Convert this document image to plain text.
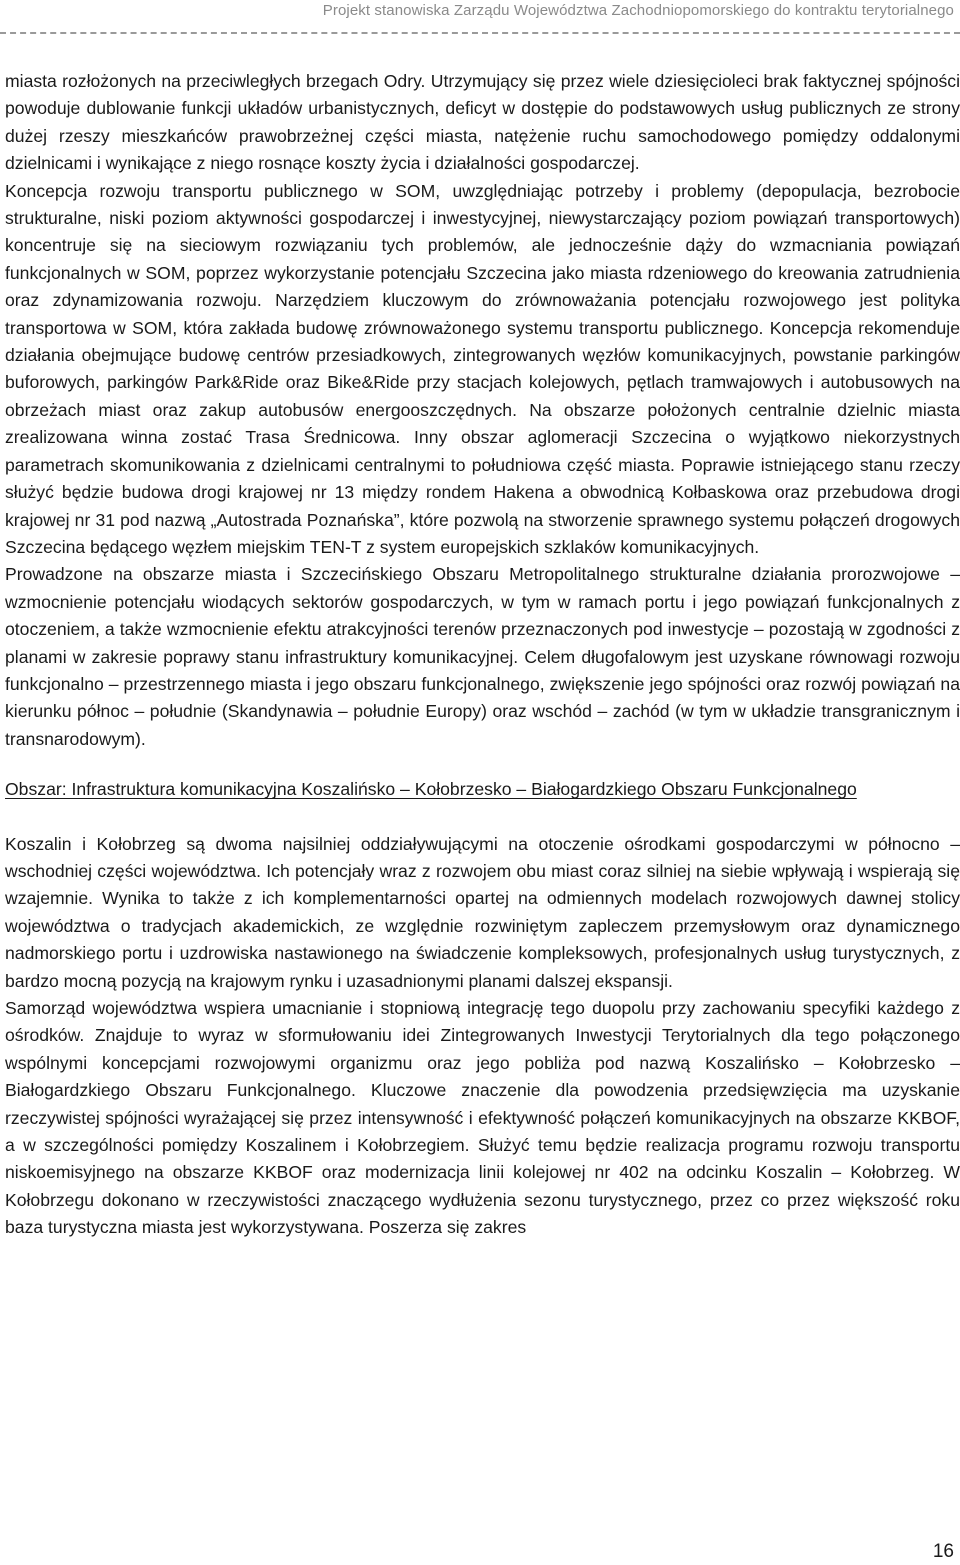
Projekt stanowiska Zarządu Województwa Zachodniopomorskiego do kontraktu terytorialnego

miasta rozłożonych na przeciwległych brzegach Odry. Utrzymujący się przez wiele dziesięcioleci brak faktycznej spójności powoduje dublowanie funkcji układów urbanistycznych, deficyt w dostępie do podstawowych usług publicznych ze strony dużej rzeszy mieszkańców prawobrzeżnej części miasta, natężenie ruchu samochodowego pomiędzy oddalonymi dzielnicami i wynikające z niego rosnące koszty życia i działalności gospodarczej.

Koncepcja rozwoju transportu publicznego w SOM, uwzględniając potrzeby i problemy (depopulacja, bezrobocie strukturalne, niski poziom aktywności gospodarczej i inwestycyjnej, niewystarczający poziom powiązań transportowych) koncentruje się na sieciowym rozwiązaniu tych problemów, ale jednocześnie dąży do wzmacniania powiązań funkcjonalnych w SOM, poprzez wykorzystanie potencjału Szczecina jako miasta rdzeniowego do kreowania zatrudnienia oraz zdynamizowania rozwoju. Narzędziem kluczowym do zrównoważania potencjału rozwojowego jest polityka transportowa w SOM, która zakłada budowę zrównoważonego systemu transportu publicznego. Koncepcja rekomenduje działania obejmujące budowę centrów przesiadkowych, zintegrowanych węzłów komunikacyjnych, powstanie parkingów buforowych, parkingów Park&Ride oraz Bike&Ride przy stacjach kolejowych, pętlach tramwajowych i autobusowych na obrzeżach miast oraz zakup autobusów energooszczędnych. Na obszarze położonych centralnie dzielnic miasta zrealizowana winna zostać Trasa Średnicowa. Inny obszar aglomeracji Szczecina o wyjątkowo niekorzystnych parametrach skomunikowania z dzielnicami centralnymi to południowa część miasta. Poprawie istniejącego stanu rzeczy służyć będzie budowa drogi krajowej nr 13 między rondem Hakena a obwodnicą Kołbaskowa oraz przebudowa drogi krajowej nr 31 pod nazwą „Autostrada Poznańska”, które pozwolą na stworzenie sprawnego systemu połączeń drogowych Szczecina będącego węzłem miejskim TEN-T z system europejskich szklaków komunikacyjnych.

Prowadzone na obszarze miasta i Szczecińskiego Obszaru Metropolitalnego strukturalne działania prorozwojowe – wzmocnienie potencjału wiodących sektorów gospodarczych, w tym w ramach portu i jego powiązań funkcjonalnych z otoczeniem, a także wzmocnienie efektu atrakcyjności terenów przeznaczonych pod inwestycje – pozostają w zgodności z planami w zakresie poprawy stanu infrastruktury komunikacyjnej. Celem długofalowym jest uzyskane równowagi rozwoju funkcjonalno – przestrzennego miasta i jego obszaru funkcjonalnego, zwiększenie jego spójności oraz rozwój powiązań na kierunku północ – południe (Skandynawia – południe Europy) oraz wschód – zachód (w tym w układzie transgranicznym i transnarodowym).

Obszar: Infrastruktura komunikacyjna Koszalińsko – Kołobrzesko – Białogardzkiego Obszaru Funkcjonalnego

Koszalin i Kołobrzeg są dwoma najsilniej oddziaływującymi na otoczenie ośrodkami gospodarczymi w północno – wschodniej części województwa. Ich potencjały wraz z rozwojem obu miast coraz silniej na siebie wpływają i wspierają się wzajemnie. Wynika to także z ich komplementarności opartej na odmiennych modelach rozwojowych dawnej stolicy województwa o tradycjach akademickich, ze względnie rozwiniętym zapleczem przemysłowym oraz dynamicznego nadmorskiego portu i uzdrowiska nastawionego na świadczenie kompleksowych, profesjonalnych usług turystycznych, z bardzo mocną pozycją na krajowym rynku i uzasadnionymi planami dalszej ekspansji.

Samorząd województwa wspiera umacnianie i stopniową integrację tego duopolu przy zachowaniu specyfiki każdego z ośrodków. Znajduje to wyraz w sformułowaniu idei Zintegrowanych Inwestycji Terytorialnych dla tego połączonego wspólnymi koncepcjami rozwojowymi organizmu oraz jego pobliża pod nazwą Koszalińsko – Kołobrzesko – Białogardzkiego Obszaru Funkcjonalnego. Kluczowe znaczenie dla powodzenia przedsięwzięcia ma uzyskanie rzeczywistej spójności wyrażającej się przez intensywność i efektywność połączeń komunikacyjnych na obszarze KKBOF, a w szczególności pomiędzy Koszalinem i Kołobrzegiem. Służyć temu będzie realizacja programu rozwoju transportu niskoemisyjnego na obszarze KKBOF oraz modernizacja linii kolejowej nr 402 na odcinku Koszalin – Kołobrzeg. W Kołobrzegu dokonano w rzeczywistości znaczącego wydłużenia sezonu turystycznego, przez co przez większość roku baza turystyczna miasta jest wykorzystywana. Poszerza się zakres

16
